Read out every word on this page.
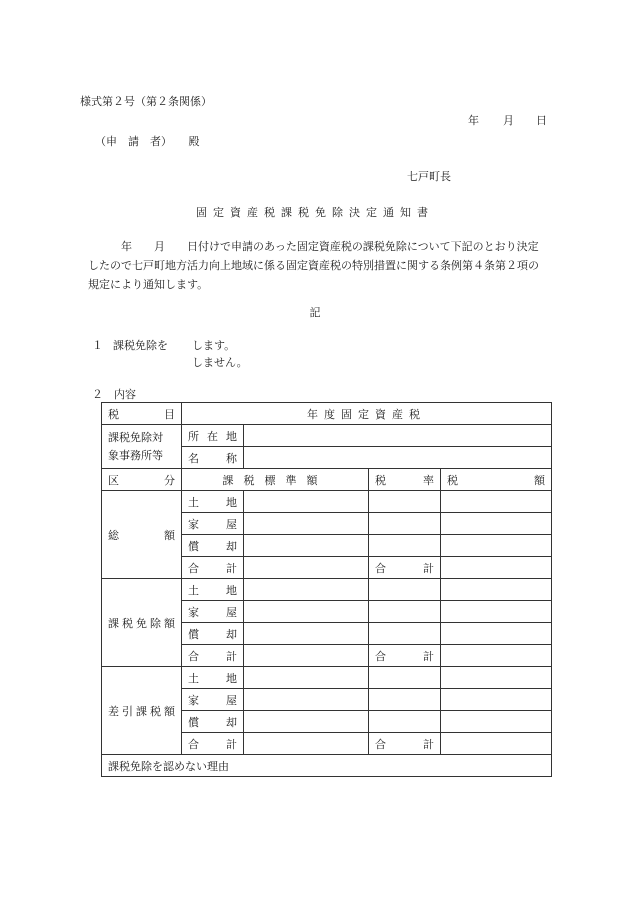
様式第２号（第２条関係）
年 月 日
（申　請　者）　　殿
七戸町長
固定資産税課税免除決定通知書
　　　年　　月　　日付けで申請のあった固定資産税の課税免除について下記のとおり決定したので七戸町地方活力向上地域に係る固定資産税の特別措置に関する条例第４条第２項の規定により通知します。
記
１ 課税免除を します。
しません。
２　内容
税　　目	年度固定資産税			

課税免除対
象事務所等	所在地			
	名　称			
区　分	課税標準額		税率	税額
総額	土地			
	家屋			
	償却			
	合計		合計	
課税免除額	土地			
	家屋			
	償却			
	合計		合計	
差引課税額	土地			
	家屋			
	償却			
	合計		合計	
課税免除を認めない理由				
